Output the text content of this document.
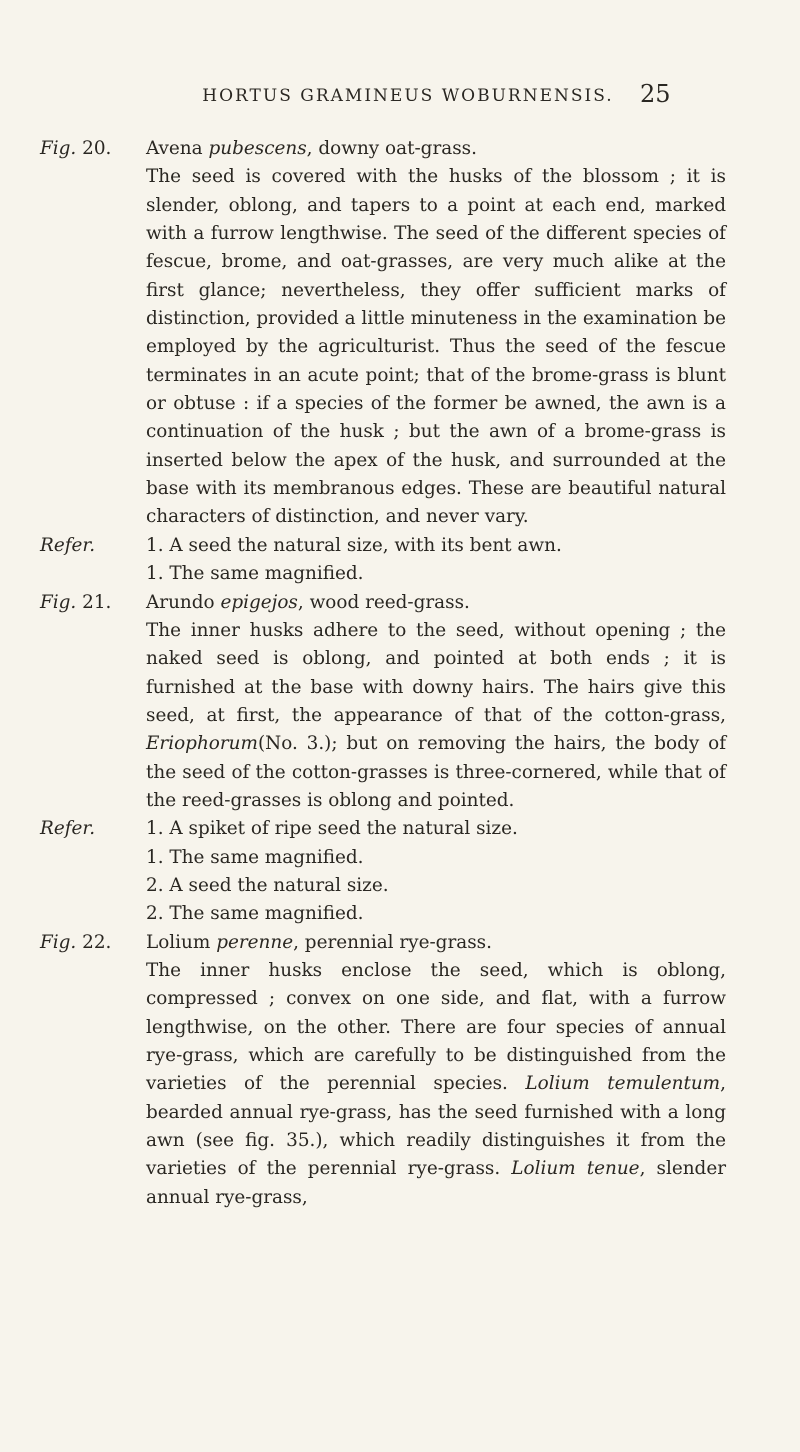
HORTUS GRAMINEUS WOBURNENSIS.	25
Fig. 20. Avena pubescens, downy oat-grass.
The seed is covered with the husks of the blossom ; it is slender, oblong, and tapers to a point at each end, marked with a furrow lengthwise. The seed of the different species of fescue, brome, and oat-grasses, are very much alike at the first glance; nevertheless, they offer sufficient marks of distinction, provided a little minuteness in the examination be employed by the agriculturist. Thus the seed of the fescue terminates in an acute point; that of the brome-grass is blunt or obtuse : if a species of the former be awned, the awn is a continuation of the husk ; but the awn of a brome-grass is inserted below the apex of the husk, and surrounded at the base with its membranous edges. These are beautiful natural characters of distinction, and never vary.
Refer.	1. A seed the natural size, with its bent awn.
1. The same magnified.
Fig. 21. Arundo epigejos, wood reed-grass.
The inner husks adhere to the seed, without opening ; the naked seed is oblong, and pointed at both ends ; it is furnished at the base with downy hairs. The hairs give this seed, at first, the appearance of that of the cotton-grass, Eriophorum(No. 3.); but on removing the hairs, the body of the seed of the cotton-grasses is three-cornered, while that of the reed-grasses is oblong and pointed.
Refer.	1. A spiket of ripe seed the natural size.
1. The same magnified.
2. A seed the natural size.
2. The same magnified.
Fig. 22. Lolium perenne, perennial rye-grass.
The inner husks enclose the seed, which is oblong, compressed ; convex on one side, and flat, with a furrow lengthwise, on the other. There are four species of annual rye-grass, which are carefully to be distinguished from the varieties of the perennial species. Lolium temulentum, bearded annual rye-grass, has the seed furnished with a long awn (see fig. 35.), which readily distinguishes it from the varieties of the perennial rye-grass. Lolium tenue, slender annual rye-grass,
